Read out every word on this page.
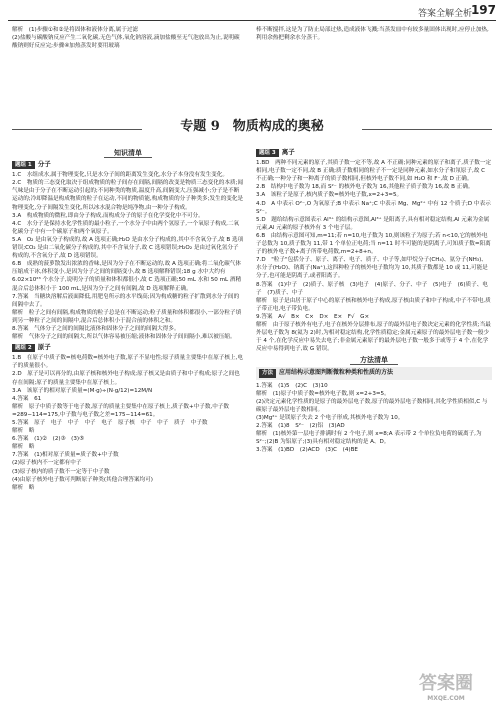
答案全解全析
197

解析　(1)步骤①和②是将固体和液体分离,属于过滤

(2)盐酸与碳酸钠反应产生二氧化碳,无色气体,氧化钠溶液,滴加盐酸至无气泡放出为止,说明碳酸钠则好反应完;步骤④加热蒸发时要用玻璃

棒不断搅拌,这是为了防止局部过热,造成液体飞溅;当蒸发皿中有较多量固体出现时,应停止加热,利用余热把剩余水分蒸干。

专题 9　物质构成的奥秘
知识清单
题组 1 分子

1.C　水组成水,属于物理变化,只是水分子间的距离发生变化,水分子本身没有发生变化。

2.C　物质的三态变化取决于组成物质的粒子间存在间隔,间隔的改变是物质三态变化的本质;闻气味是由于分子在不断运动引起的;不同种类的物质,温度升高,间隔变大,压强减小;分子是不断运动的;冷却降温是构成物质的粒子在运动,不同的物质能,构成物质的分子种类多;发生的变化是物理变化,分子间隔发生变化,所以冰水混合物是纯净物,由一种分子构成。

3.A　构成物质的微粒,即由分子构成,而构成分子的原子在化学变化中不可分。

4.C　水分子是保持水化学性质的最小粒子,一个水分子中由两个氢原子,一个氧原子构成,二氧化碳分子中有一个碳原子和两个氧原子。

5.A　O₂ 是由氧分子构成的,故 A 选项正确;H₂O 是由水分子构成的,其中不含氧分子,故 B 选项错误;CO₂ 是由二氧化碳分子构成的,其中不含氧分子,故 C 选项错误;H₂O₂ 是由过氧化氢分子构成的,不含氧分子,故 D 选项错误。

6.B　成熟的菠萝散发出浓浓的香味,是因为分子在不断运动的,故 A 选项正确;将二氧化碳气体压缩成干冰,体积变小,是因为分子之间的间隔变小,故 B 选项解释错误;18 g 水中大约有 6.02×10²³ 个水分子,说明分子的质量和体积都很小,故 C 选项正确;50 mL 水和 50 mL 酒精混合后总体积小于 100 mL,是因为分子之间有间隔,故 D 选项解释正确。

7.答案　当糖块溶解后液面降低,用肥皂所示的水平线高;因为构成糖的粒子扩散到水分子间的间隔中去了。

解析　粒子之间有间隔,构成物质的粒子总是在不断运动;粒子质量和体积都很小,一部分粒子填到另一种粒子之间的间隔中,混合后总体积小于混合前的体积之和。

8.答案　气体分子之间的间隔比液体和固体分子之间的间隔大得多。

解析　气体分子之间的间隔大,所以气体容易被压缩;液体和固体分子间间隔小,难以被压缩。

题组 2 原子

1.B　在原子中质子数=核电荷数=核外电子数,原子不显电性;原子质量主要集中在原子核上,电子的质量很小。

2.D　原子是可以再分的,由原子核和核外电子构成;原子核又是由质子和中子构成;原子之间也存在间隔;原子的质量主要集中在原子核上。

3.A　该原子的相对原子质量=(M·g)÷(N·g/12)=12M/N

4.答案　61

解析　原子中质子数等于电子数,原子的质量主要集中在原子核上,质子数+中子数,中子数=289−114=175,中子数与电子数之差=175−114=61。

5.答案　原子　电子　中子　中子　电子　原子核　中子　中子　质子　中子数

解析　略

6.答案　(1)②　(2)③　(3)⑤

解析　略

7.答案　(1)相对原子质量=质子数+中子数

(2)原子核内不一定都有中子

(3)原子核内的质子数不一定等于中子数

(4)由原子核外电子数可判断原子种类(其他合理答案均可)

解析　略

题组 3 离子

1.BD　两种不同元素的原子,其质子数一定不等,故 A 不正确;同种元素的原子和离子,质子数一定相同,电子数一定不同,故 B 正确;质子数相同的粒子不一定是同种元素,如水分子和氖原子,故 C 不正确;一种分子和一种离子的质子数相同,但核外电子数不同,如 H₂O 和 F⁻,故 D 正确。

2.B　结构中电子数为 18,而 S²⁻ 的核外电子数为 16,其他粒子质子数为 16,故 B 正确。

3.A　该粒子是原子,核内质子数=核外电子数,x=2+3=5。

4.D　A 中表示 O²⁻,O 为氧原子;B 中表示 Na⁺;C 中表示 Mg、Mg²⁺ 中有 12 个质子;D 中表示 S²⁻。

5.D　题给结构示意图表示 Al³⁺ 的结构示意图,Al³⁺ 是阳离子,具有相对稳定结构,Al 元素为金属元素,Al 元素的原子核外有 3 个电子层。

6.B　由结构示意图可知,m=11;若 n=10,电子数为 10,则该粒子为原子;若 n<10,它的核外电子总数为 10,质子数为 11,带 1 个单位正电荷;当 n=11 时不可能的是阴离子,可知质子数=阳离子的核外电子数+离子所带电荷数,m=2+8+n。

7.D　"粒子"包括分子、原子、离子、电子、质子、中子等,如甲烷分子(CH₄)、氨分子(NH₃)、水分子(H₂O)、钠离子(Na⁺),这四种粒子的核外电子数均为 10,其质子数都是 10 或 11,可能是分子,也可能是阴离子,或者阳离子。

8.答案　(1)中子　(2)质子、原子核　(3)电子　(4)原子、分子、中子　(5)电子　(6)质子、电子　(7)质子、中子

解析　原子是由居于原子中心的原子核和核外电子构成,原子核由质子和中子构成,中子不带电,质子带正电,电子带负电。

9.答案　A√　B×　C×　D×　E×　F√　G×

解析　由于原子核外有电子,电子在核外分层排布,原子的最外层电子数决定元素的化学性质;当最外层电子数为 8(氦为 2)时,为相对稳定结构,化学性质稳定;金属元素原子的最外层电子数一般少于 4 个,在化学反应中易失去电子;非金属元素原子的最外层电子数一般多于或等于 4 个,在化学反应中易得到电子,故 G 错误。

方法清单
方法 应用结构示意图判断微粒种类和性质的方法

1.答案　(1)5　(2)C　(3)10

解析　(1)原子中质子数=核外电子数,则 x=2+3=5。

(2)决定元素化学性质的是原子的最外层电子数,原子的最外层电子数相同,其化学性质相似,C 与碳原子最外层电子数相同。

(3)Mg²⁺ 是镁原子失去 2 个电子形成,其核外电子数为 10。

2.答案　(1)8　S²⁻　(2)铝　(3)AD

解析　(1)核外第一层电子排满时有 2 个电子,则 x=8;A 表示带 2 个单位负电荷的硫离子,为 S²⁻;(2)B 为铝原子;(3)具有相对稳定结构的是 A、D。

3.答案　(1)BD　(2)ACD　(3)C　(4)BE

答案圈
MXQE.COM
